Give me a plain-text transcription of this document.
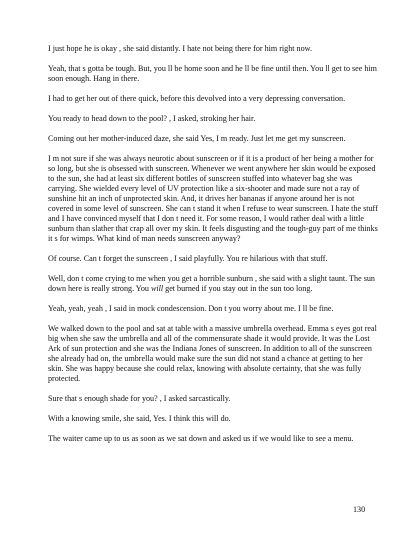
I just hope he is okay , she said distantly. I hate not being there for him right now.

Yeah, that s gotta be tough. But, you ll be home soon and he ll be fine until then. You ll get to see him soon enough. Hang in there.

I had to get her out of there quick, before this devolved into a very depressing conversation.

You ready to head down to the pool? , I asked, stroking her hair.

Coming out her mother-induced daze, she said Yes, I m ready. Just let me get my sunscreen.

I m not sure if she was always neurotic about sunscreen or if it is a product of her being a mother for so long, but she is obsessed with sunscreen. Whenever we went anywhere her skin would be exposed to the sun, she had at least six different bottles of sunscreen stuffed into whatever bag she was carrying. She wielded every level of UV protection like a six-shooter and made sure not a ray of sunshine hit an inch of unprotected skin. And, it drives her bananas if anyone around her is not covered in some level of sunscreen. She can t stand it when I refuse to wear sunscreen. I hate the stuff and I have convinced myself that I don t need it. For some reason, I would rather deal with a little sunburn than slather that crap all over my skin. It feels disgusting and the tough-guy part of me thinks it s for wimps. What kind of man needs sunscreen anyway?

Of course. Can t forget the sunscreen , I said playfully. You re hilarious with that stuff.

Well, don t come crying to me when you get a horrible sunburn , she said with a slight taunt. The sun down here is really strong. You will get burned if you stay out in the sun too long.

Yeah, yeah, yeah , I said in mock condescension. Don t you worry about me. I ll be fine.

We walked down to the pool and sat at table with a massive umbrella overhead. Emma s eyes got real big when she saw the umbrella and all of the commensurate shade it would provide. It was the Lost Ark of sun protection and she was the Indiana Jones of sunscreen. In addition to all of the sunscreen she already had on, the umbrella would make sure the sun did not stand a chance at getting to her skin. She was happy because she could relax, knowing with absolute certainty, that she was fully protected.

Sure that s enough shade for you? , I asked sarcastically.

With a knowing smile, she said, Yes. I think this will do.

The waiter came up to us as soon as we sat down and asked us if we would like to see a menu.

130
